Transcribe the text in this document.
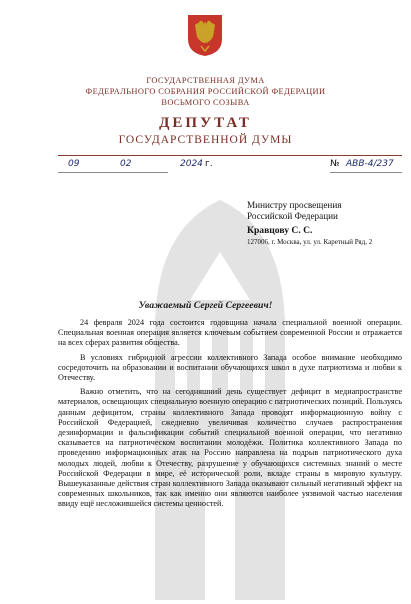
ГОСУДАРСТВЕННАЯ ДУМА
ФЕДЕРАЛЬНОГО СОБРАНИЯ РОССИЙСКОЙ ФЕДЕРАЦИИ
ВОСЬМОГО СОЗЫВА
ДЕПУТАТ
ГОСУДАРСТВЕННОЙ ДУМЫ
09	02	2024 г.	№ АВВ-4/237
Министру просвещения
Российской Федерации
Кравцову С. С.
127006, г. Москва, ул. ул. Каретный Ряд, 2
Уважаемый Сергей Сергеевич!

24 февраля 2024 года состоится годовщина начала специальной военной операции. Специальная военная операция является ключевым событием современной России и отражается на всех сферах развития общества.

В условиях гибридной агрессии коллективного Запада особое внимание необходимо сосредоточить на образовании и воспитании обучающихся школ в духе патриотизма и любви к Отечеству.

Важно отметить, что на сегодняшний день существует дефицит в медиапространстве материалов, освещающих специальную военную операцию с патриотических позиций. Пользуясь данным дефицитом, страны коллективного Запада проводят информационную войну с Российской Федерацией, сжедневно увеличивая количество случаев распространения дезинформации и фальсификации событий специальной военной операции, что негативно сказывается на патриотическом воспитании молодёжи. Политика коллективного Запада по проведению информационных атак на Россию направлена на подрыв патриотического духа молодых людей, любви к Отечеству, разрушение у обучающихся системных знаний о месте Российской Федерации в мире, её исторической роли, вкладе страны в мировую культуру. Вышеуказанные действия стран коллективного Запада оказывают сильный негативный эффект на современных школьников, так как именно они являются наиболее уязвимой частью населения ввиду ещё несложившейся системы ценностей.
